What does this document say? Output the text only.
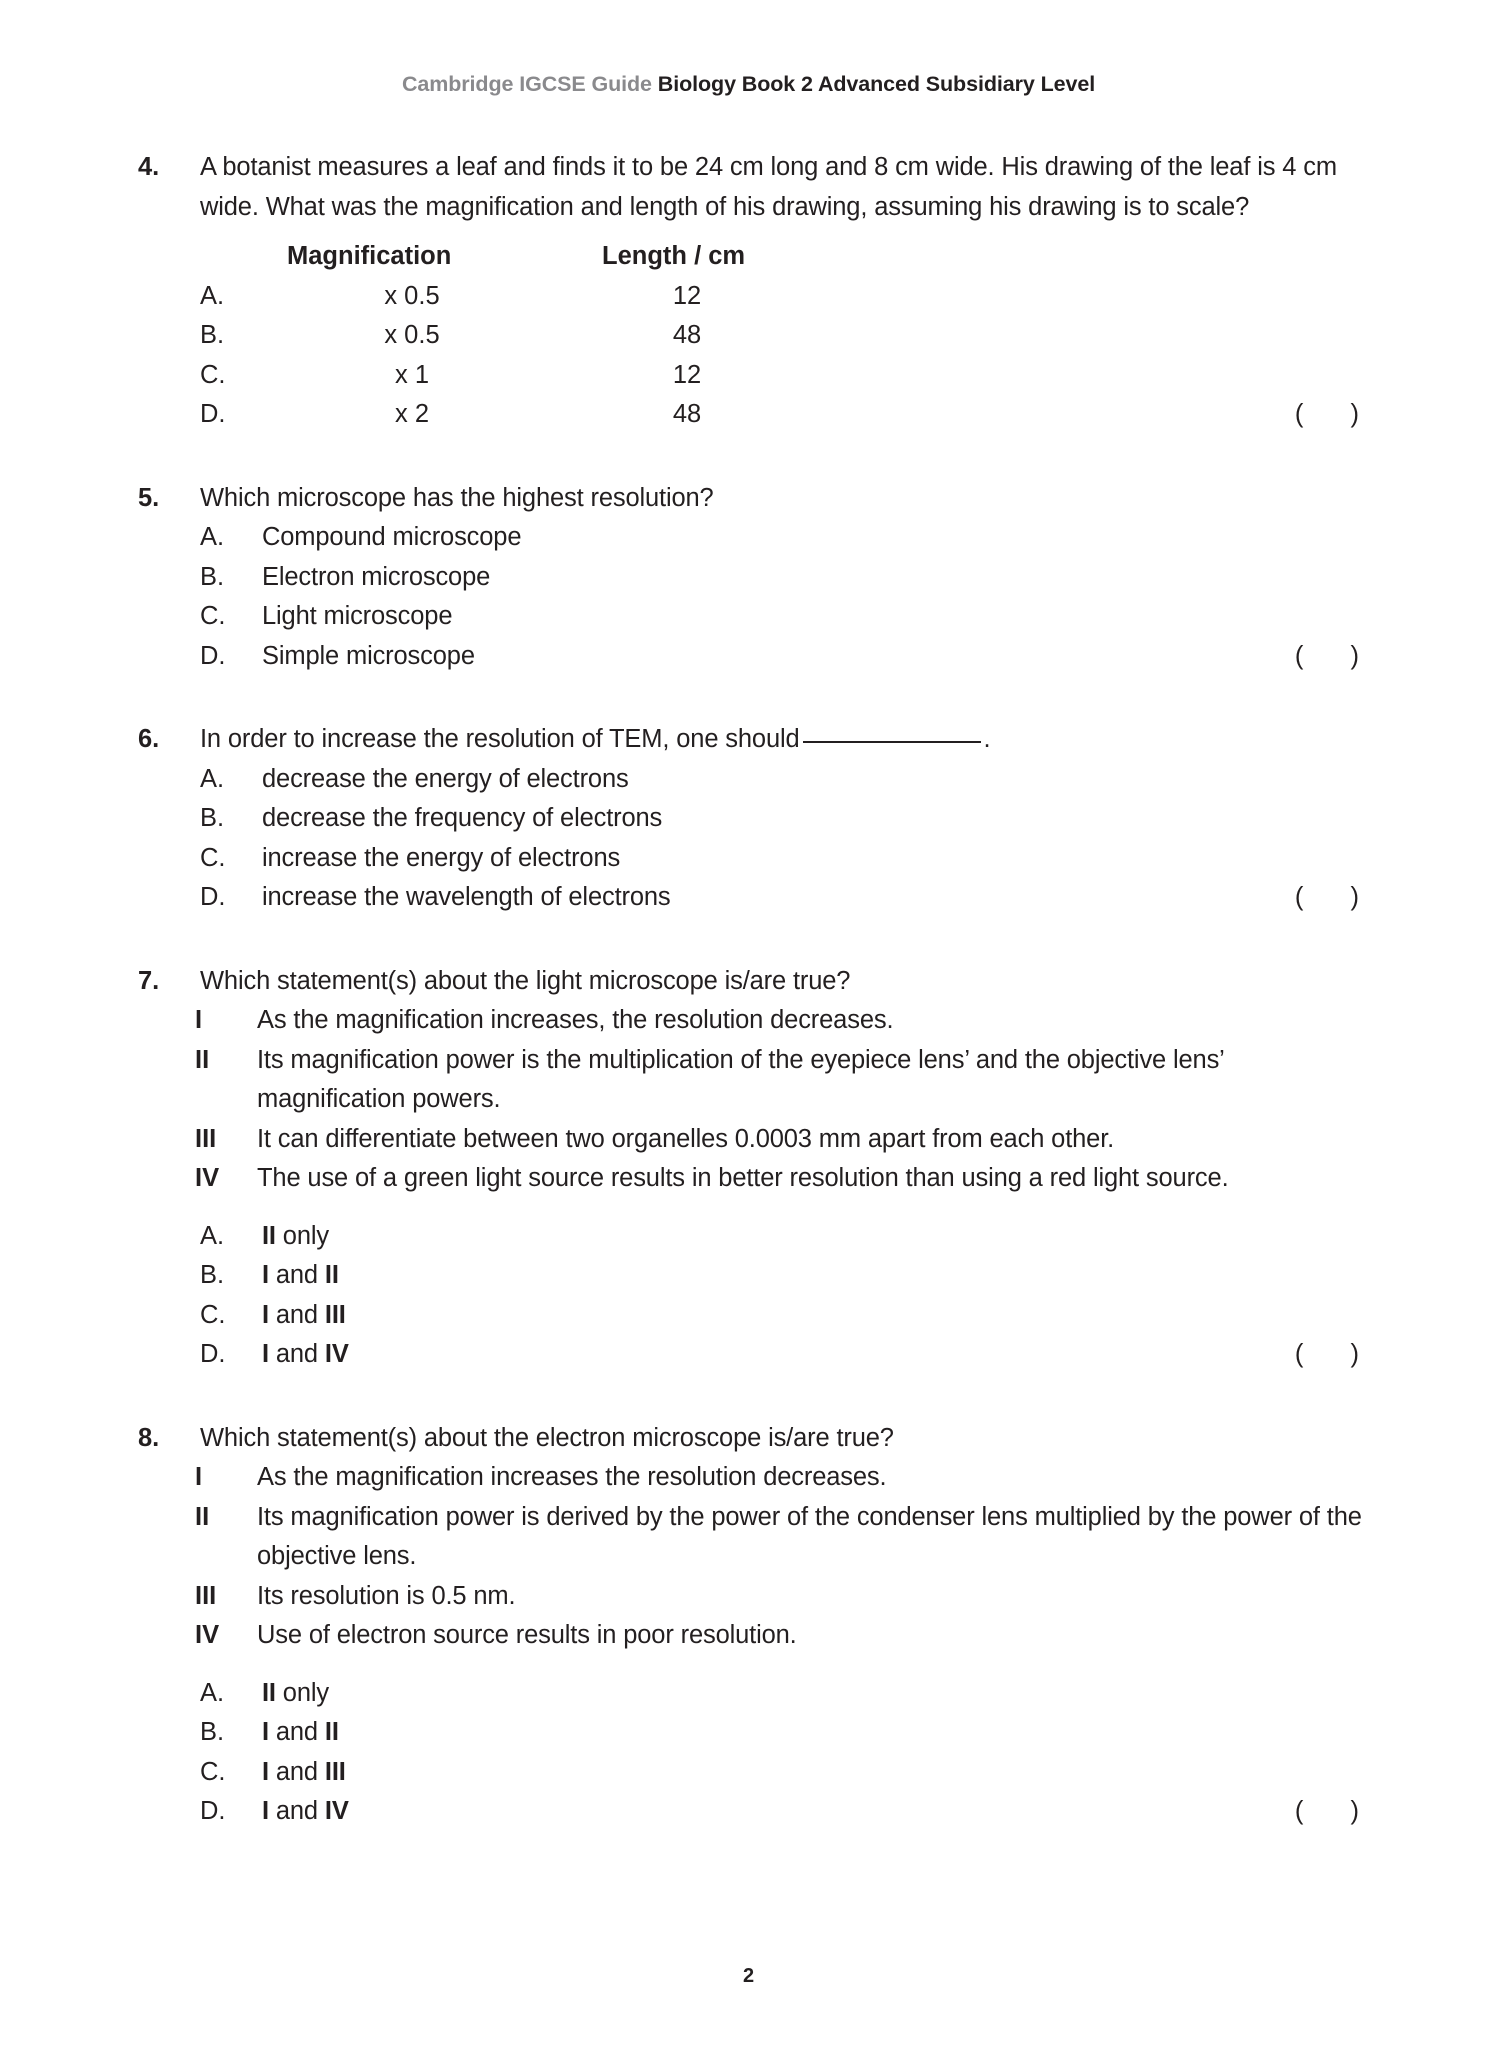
Cambridge IGCSE Guide Biology Book 2 Advanced Subsidiary Level
4.	A botanist measures a leaf and finds it to be 24 cm long and 8 cm wide. His drawing of the leaf is 4 cm wide. What was the magnification and length of his drawing, assuming his drawing is to scale?
Magnification	Length / cm
A.	x 0.5	12
B.	x 0.5	48
C.	x 1	12
D.	x 2	48	( )
5.	Which microscope has the highest resolution?
A.	Compound microscope
B.	Electron microscope
C.	Light microscope
D.	Simple microscope	( )
6.	In order to increase the resolution of TEM, one should	.
A.	decrease the energy of electrons
B.	decrease the frequency of electrons
C.	increase the energy of electrons
D.	increase the wavelength of electrons	( )
7.	Which statement(s) about the light microscope is/are true?
I	As the magnification increases, the resolution decreases.
II	Its magnification power is the multiplication of the eyepiece lens’ and the objective lens’ magnification powers.
III	It can differentiate between two organelles 0.0003 mm apart from each other.
IV	The use of a green light source results in better resolution than using a red light source.
A.	II only
B.	I and II
C.	I and III
D.	I and IV	( )
8.	Which statement(s) about the electron microscope is/are true?
I	As the magnification increases the resolution decreases.
II	Its magnification power is derived by the power of the condenser lens multiplied by the power of the objective lens.
III	Its resolution is 0.5 nm.
IV	Use of electron source results in poor resolution.
A.	II only
B.	I and II
C.	I and III
D.	I and IV	( )
2
